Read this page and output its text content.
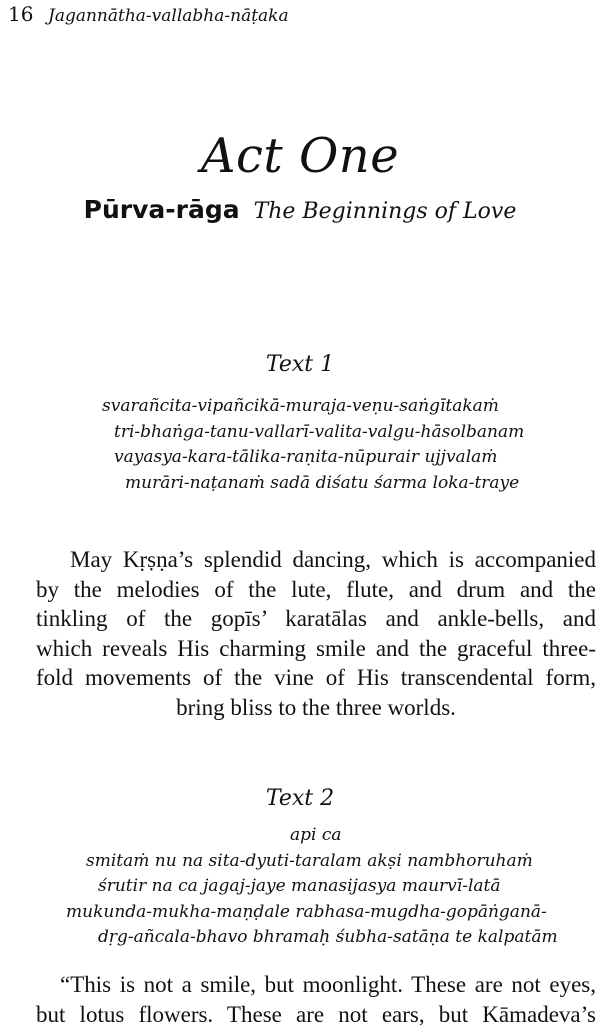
16 Jagannātha-vallabha-nāṭaka
Act One
Pūrva-rāga The Beginnings of Love
Text 1
svarañcita-vipañcikā-muraja-veṇu-saṅgītakaṁ
tri-bhaṅga-tanu-vallarī-valita-valgu-hāsolbanam
vayasya-kara-tālika-raṇita-nūpurair ujjvalaṁ
murāri-naṭanaṁ sadā diśatu śarma loka-traye
May Kṛṣṇa’s splendid dancing, which is accompanied
by the melodies of the lute, flute, and drum and the
tinkling of the gopīs’ karatālas and ankle-bells, and
which reveals His charming smile and the graceful three-
fold movements of the vine of His transcendental form,
bring bliss to the three worlds.
Text 2
api ca
smitaṁ nu na sita-dyuti-taralam akṣi nambhoruhaṁ
śrutir na ca jagaj-jaye manasijasya maurvī-latā
mukunda-mukha-maṇḍale rabhasa-mugdha-gopāṅganā-
dṛg-añcala-bhavo bhramaḥ śubha-satāṇa te kalpatām
“This is not a smile, but moonlight. These are not eyes,
but lotus flowers. These are not ears, but Kāmadeva’s
